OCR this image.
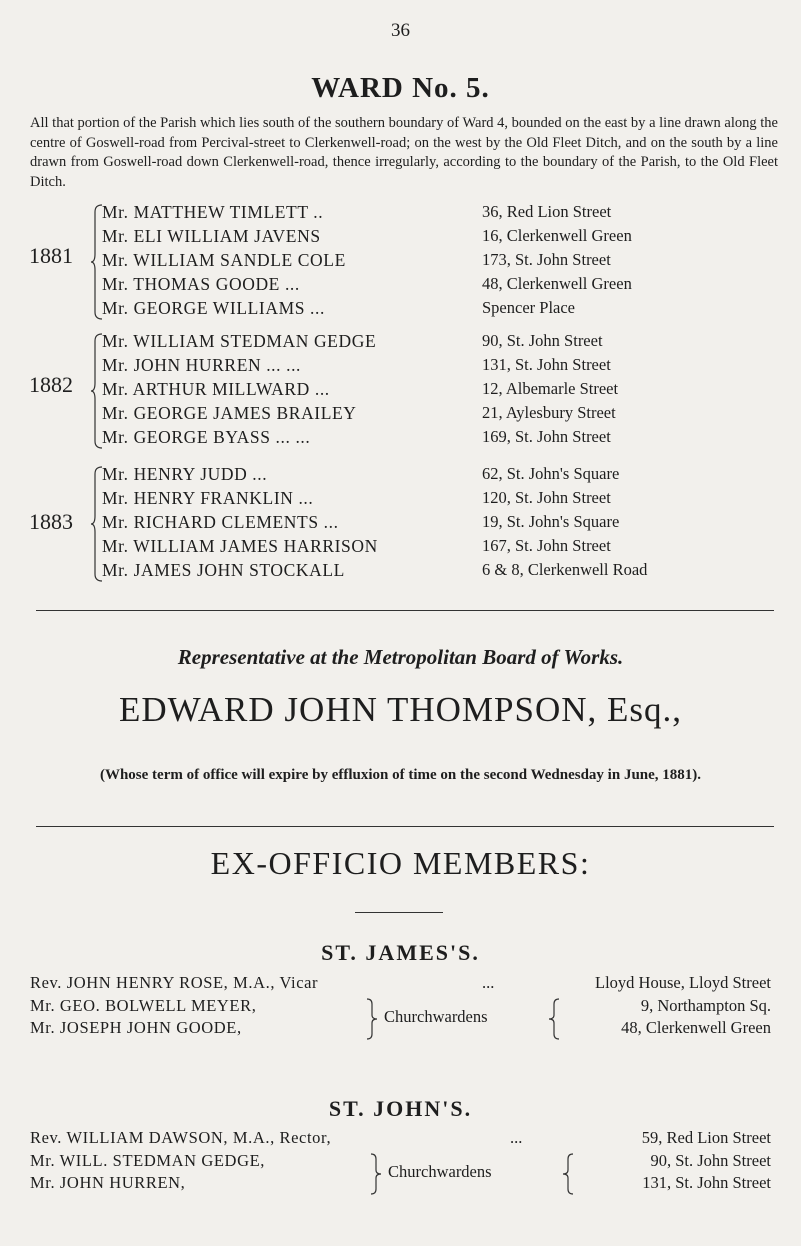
36
WARD No. 5.
All that portion of the Parish which lies south of the southern boundary of Ward 4, bounded on the east by a line drawn along the centre of Goswell-road from Percival-street to Clerkenwell-road; on the west by the Old Fleet Ditch, and on the south by a line drawn from Goswell-road down Clerkenwell-road, thence irregularly, according to the boundary of the Parish, to the Old Fleet Ditch.
1881
Mr. MATTHEW TIMLETT ..	36, Red Lion Street
Mr. ELI WILLIAM JAVENS	16, Clerkenwell Green
Mr. WILLIAM SANDLE COLE	173, St. John Street
Mr. THOMAS GOODE ...	48, Clerkenwell Green
Mr. GEORGE WILLIAMS ...	Spencer Place
1882
Mr. WILLIAM STEDMAN GEDGE	90, St. John Street
Mr. JOHN HURREN ... ...	131, St. John Street
Mr. ARTHUR MILLWARD ...	12, Albemarle Street
Mr. GEORGE JAMES BRAILEY	21, Aylesbury Street
Mr. GEORGE BYASS ... ...	169, St. John Street
1883
Mr. HENRY JUDD ...	62, St. John's Square
Mr. HENRY FRANKLIN ...	120, St. John Street
Mr. RICHARD CLEMENTS ...	19, St. John's Square
Mr. WILLIAM JAMES HARRISON	167, St. John Street
Mr. JAMES JOHN STOCKALL	6 & 8, Clerkenwell Road
Representative at the Metropolitan Board of Works.
EDWARD JOHN THOMPSON, Esq.,
(Whose term of office will expire by effluxion of time on the second Wednesday in June, 1881).
EX-OFFICIO MEMBERS:
ST. JAMES'S.
Rev. JOHN HENRY ROSE, M.A., Vicar	...	Lloyd House, Lloyd Street
Mr. GEO. BOLWELL MEYER,	9, Northampton Sq.
Mr. JOSEPH JOHN GOODE,	48, Clerkenwell Green
Churchwardens
ST. JOHN'S.
Rev. WILLIAM DAWSON, M.A., Rector,	...	59, Red Lion Street
Mr. WILL. STEDMAN GEDGE,	90, St. John Street
Mr. JOHN HURREN,	131, St. John Street
Churchwardens
